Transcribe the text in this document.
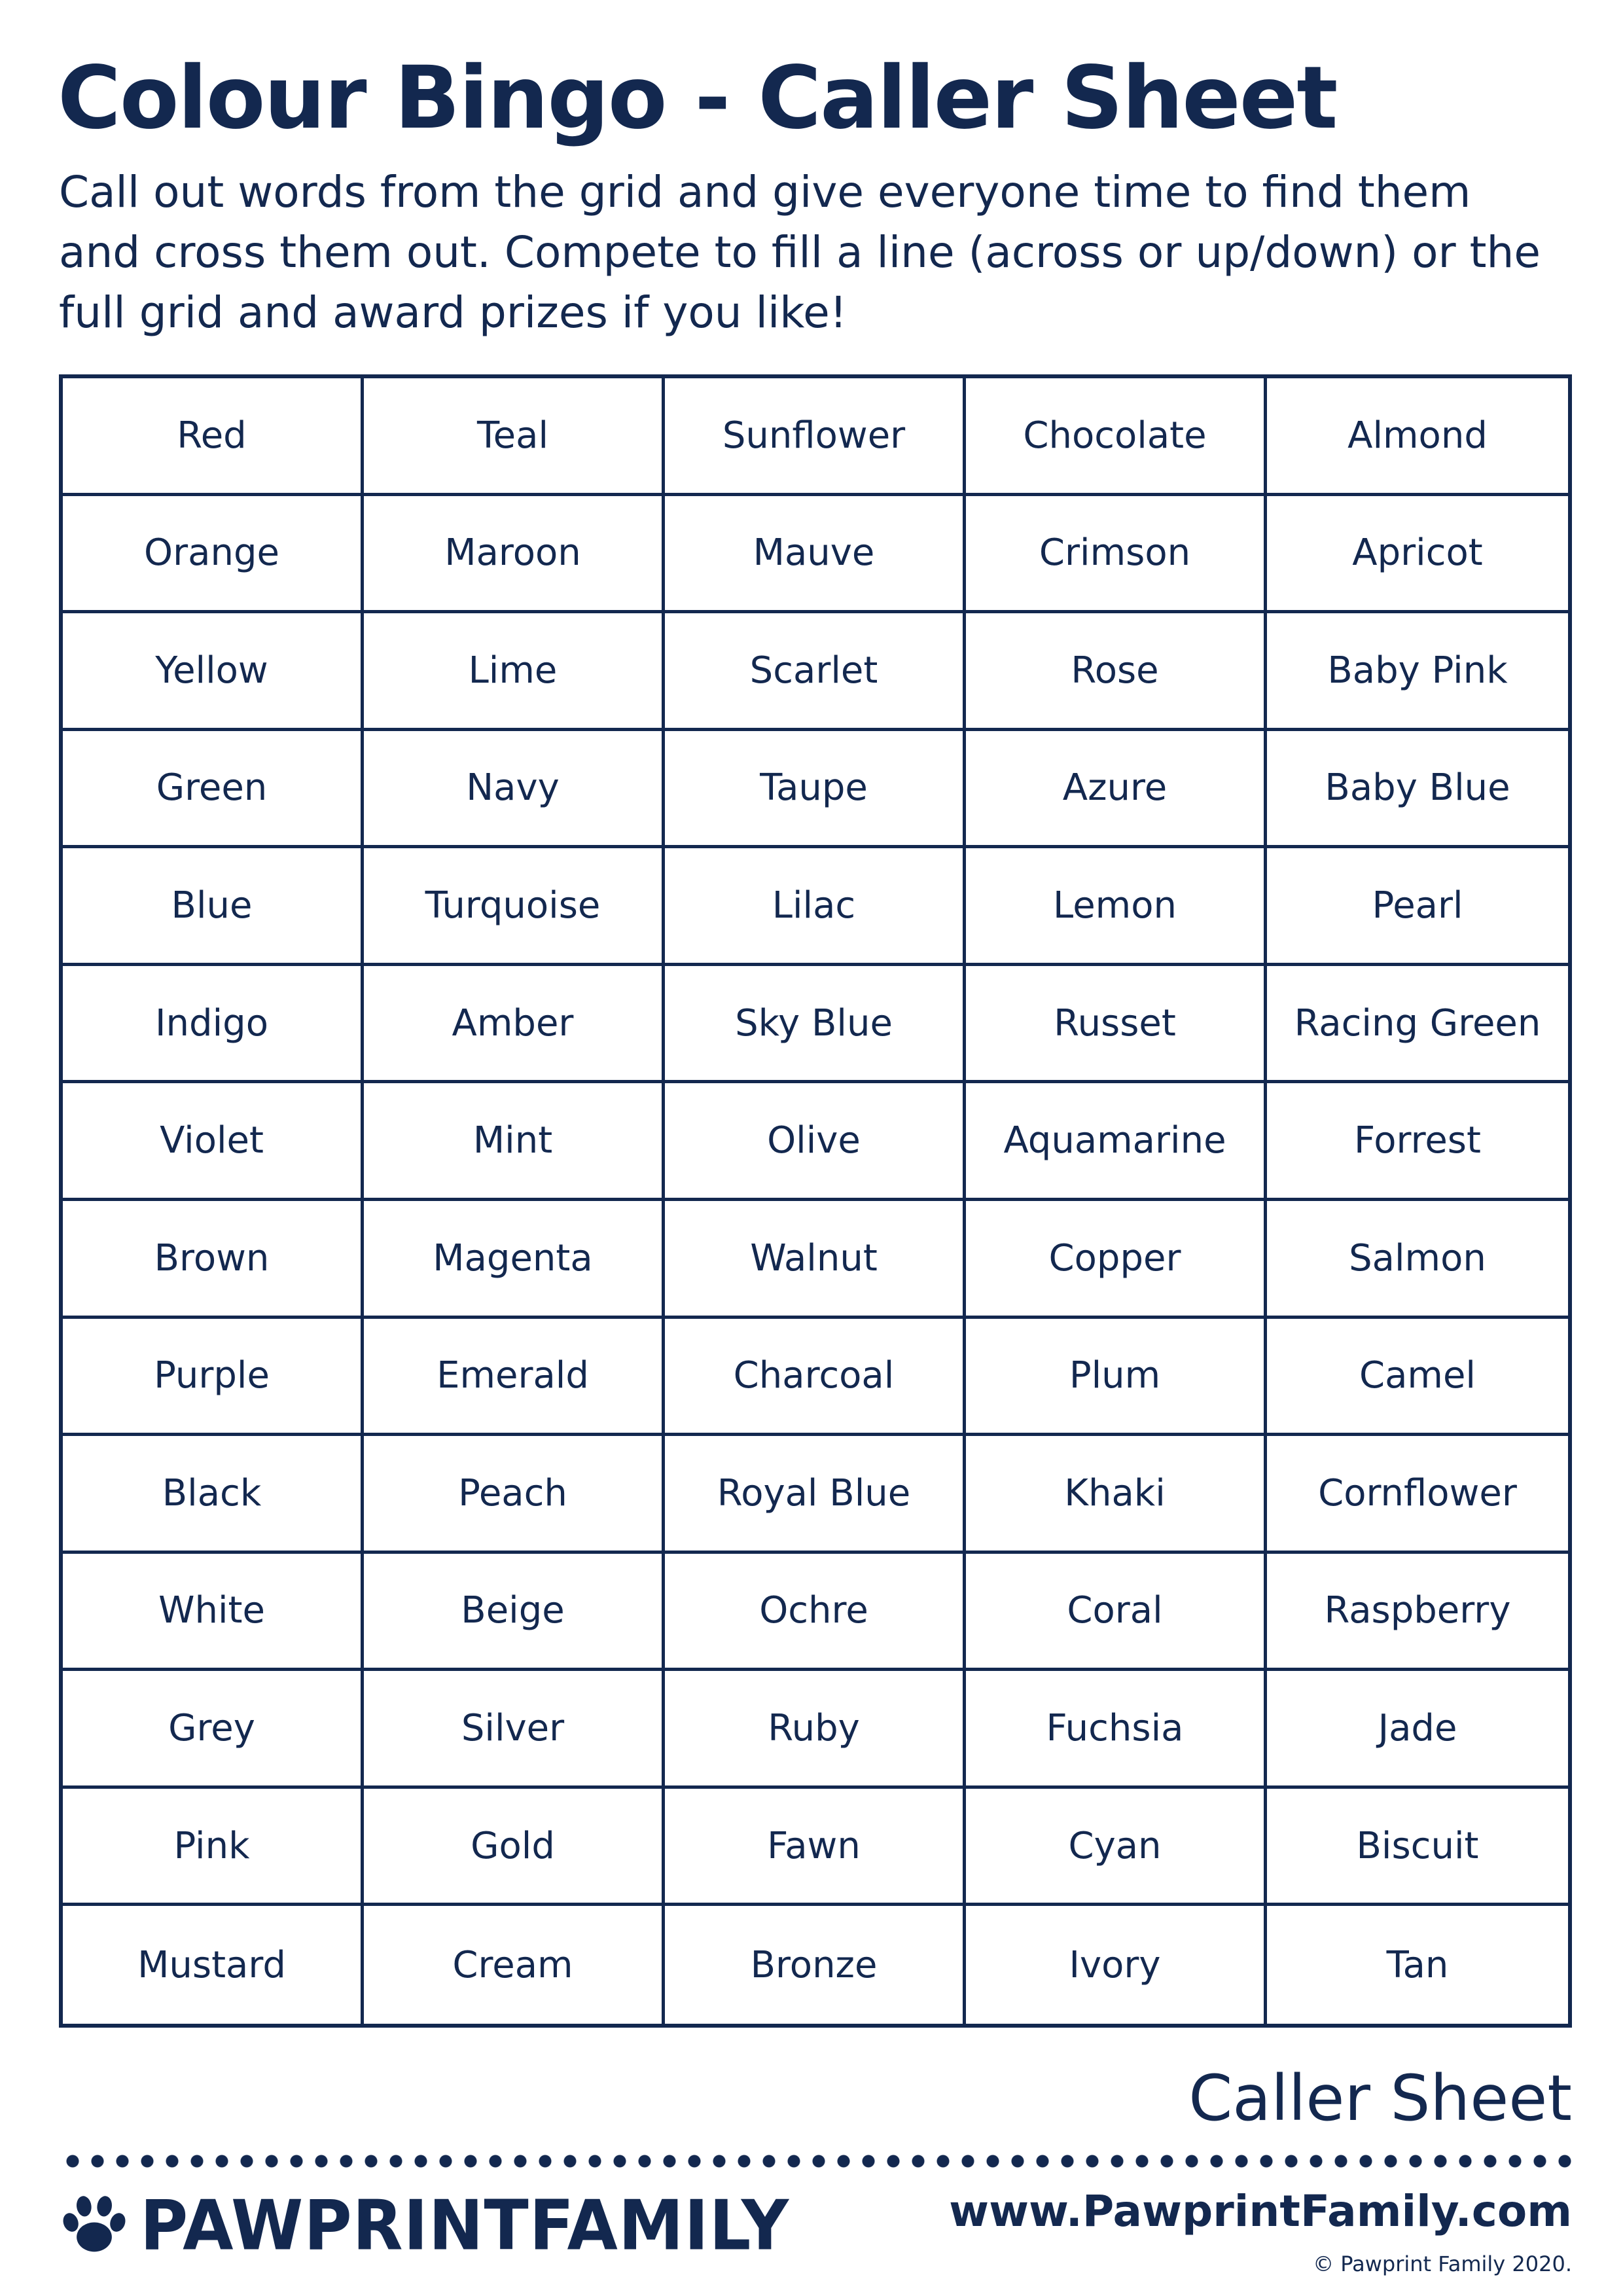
Colour Bingo - Caller Sheet
Call out words from the grid and give everyone time to find them and cross them out. Compete to fill a line (across or up/down) or the full grid and award prizes if you like!
Red	Teal	Sunflower	Chocolate	Almond
Orange	Maroon	Mauve	Crimson	Apricot
Yellow	Lime	Scarlet	Rose	Baby Pink
Green	Navy	Taupe	Azure	Baby Blue
Blue	Turquoise	Lilac	Lemon	Pearl
Indigo	Amber	Sky Blue	Russet	Racing Green
Violet	Mint	Olive	Aquamarine	Forrest
Brown	Magenta	Walnut	Copper	Salmon
Purple	Emerald	Charcoal	Plum	Camel
Black	Peach	Royal Blue	Khaki	Cornflower
White	Beige	Ochre	Coral	Raspberry
Grey	Silver	Ruby	Fuchsia	Jade
Pink	Gold	Fawn	Cyan	Biscuit
Mustard	Cream	Bronze	Ivory	Tan
Caller Sheet
PAWPRINTFAMILY	www.PawprintFamily.com
© Pawprint Family 2020.
